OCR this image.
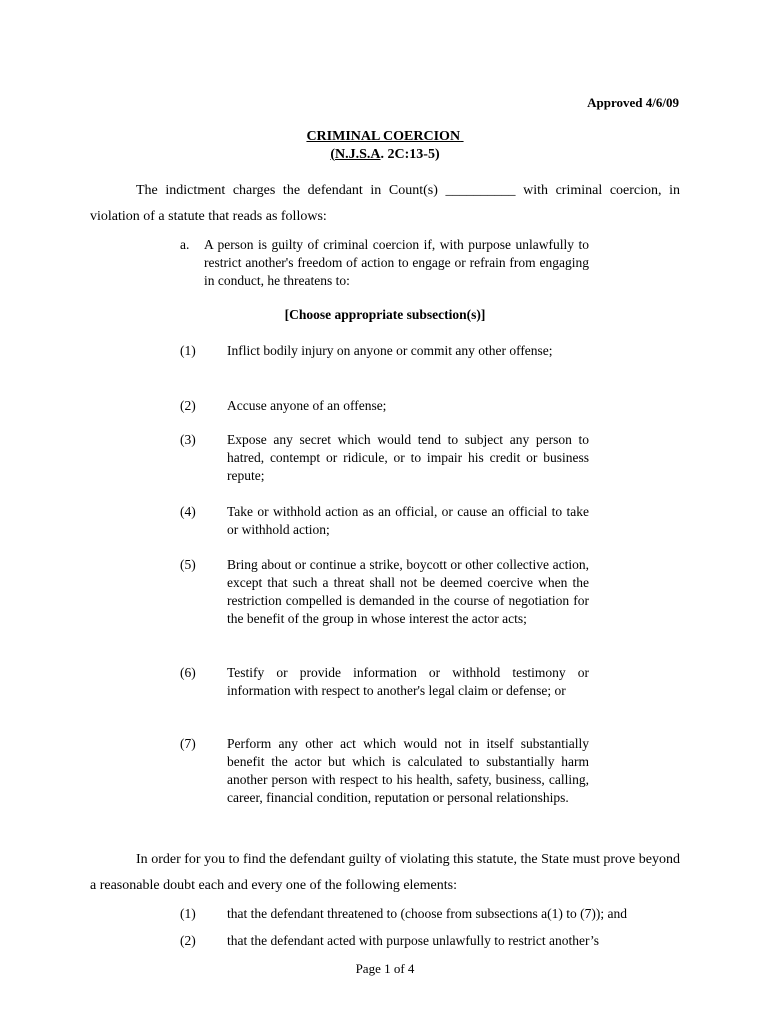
Approved 4/6/09
CRIMINAL COERCION
(N.J.S.A. 2C:13-5)
The indictment charges the defendant in Count(s) __________ with criminal coercion, in violation of a statute that reads as follows:
a. A person is guilty of criminal coercion if, with purpose unlawfully to restrict another's freedom of action to engage or refrain from engaging in conduct, he threatens to:
[Choose appropriate subsection(s)]
(1) Inflict bodily injury on anyone or commit any other offense;
(2) Accuse anyone of an offense;
(3) Expose any secret which would tend to subject any person to hatred, contempt or ridicule, or to impair his credit or business repute;
(4) Take or withhold action as an official, or cause an official to take or withhold action;
(5) Bring about or continue a strike, boycott or other collective action, except that such a threat shall not be deemed coercive when the restriction compelled is demanded in the course of negotiation for the benefit of the group in whose interest the actor acts;
(6) Testify or provide information or withhold testimony or information with respect to another's legal claim or defense; or
(7) Perform any other act which would not in itself substantially benefit the actor but which is calculated to substantially harm another person with respect to his health, safety, business, calling, career, financial condition, reputation or personal relationships.
In order for you to find the defendant guilty of violating this statute, the State must prove beyond a reasonable doubt each and every one of the following elements:
(1) that the defendant threatened to (choose from subsections a(1) to (7)); and
(2) that the defendant acted with purpose unlawfully to restrict another’s
Page 1 of 4
